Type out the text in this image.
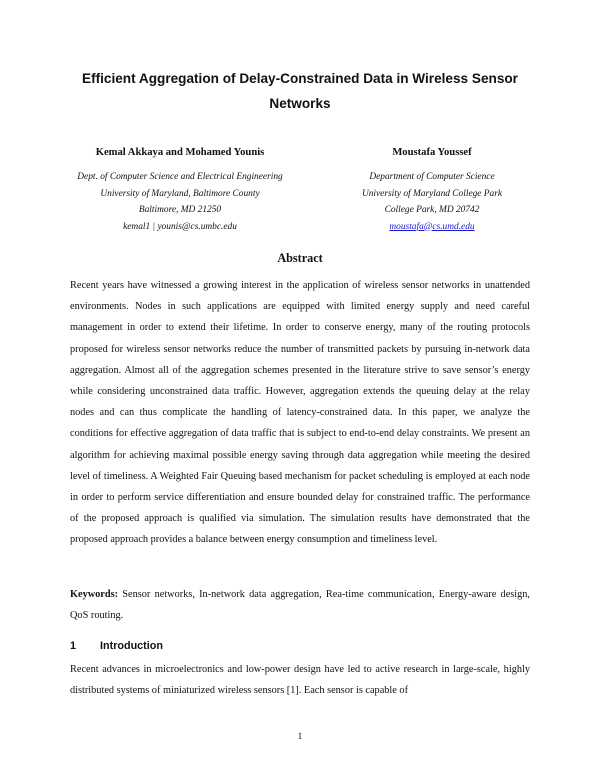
Efficient Aggregation of Delay-Constrained Data in Wireless Sensor Networks
Kemal Akkaya and Mohamed Younis
Dept. of Computer Science and Electrical Engineering
University of Maryland, Baltimore County
Baltimore, MD 21250
kemal1 | younis@cs.umbc.edu
Moustafa Youssef
Department of Computer Science
University of Maryland College Park
College Park, MD 20742
moustafa@cs.umd.edu
Abstract
Recent years have witnessed a growing interest in the application of wireless sensor networks in unattended environments. Nodes in such applications are equipped with limited energy supply and need careful management in order to extend their lifetime. In order to conserve energy, many of the routing protocols proposed for wireless sensor networks reduce the number of transmitted packets by pursuing in-network data aggregation. Almost all of the aggregation schemes presented in the literature strive to save sensor’s energy while considering unconstrained data traffic. However, aggregation extends the queuing delay at the relay nodes and can thus complicate the handling of latency-constrained data. In this paper, we analyze the conditions for effective aggregation of data traffic that is subject to end-to-end delay constraints. We present an algorithm for achieving maximal possible energy saving through data aggregation while meeting the desired level of timeliness. A Weighted Fair Queuing based mechanism for packet scheduling is employed at each node in order to perform service differentiation and ensure bounded delay for constrained traffic. The performance of the proposed approach is qualified via simulation. The simulation results have demonstrated that the proposed approach provides a balance between energy consumption and timeliness level.
Keywords: Sensor networks, In-network data aggregation, Rea-time communication, Energy-aware design, QoS routing.
1 Introduction
Recent advances in microelectronics and low-power design have led to active research in large-scale, highly distributed systems of miniaturized wireless sensors [1]. Each sensor is capable of
1
